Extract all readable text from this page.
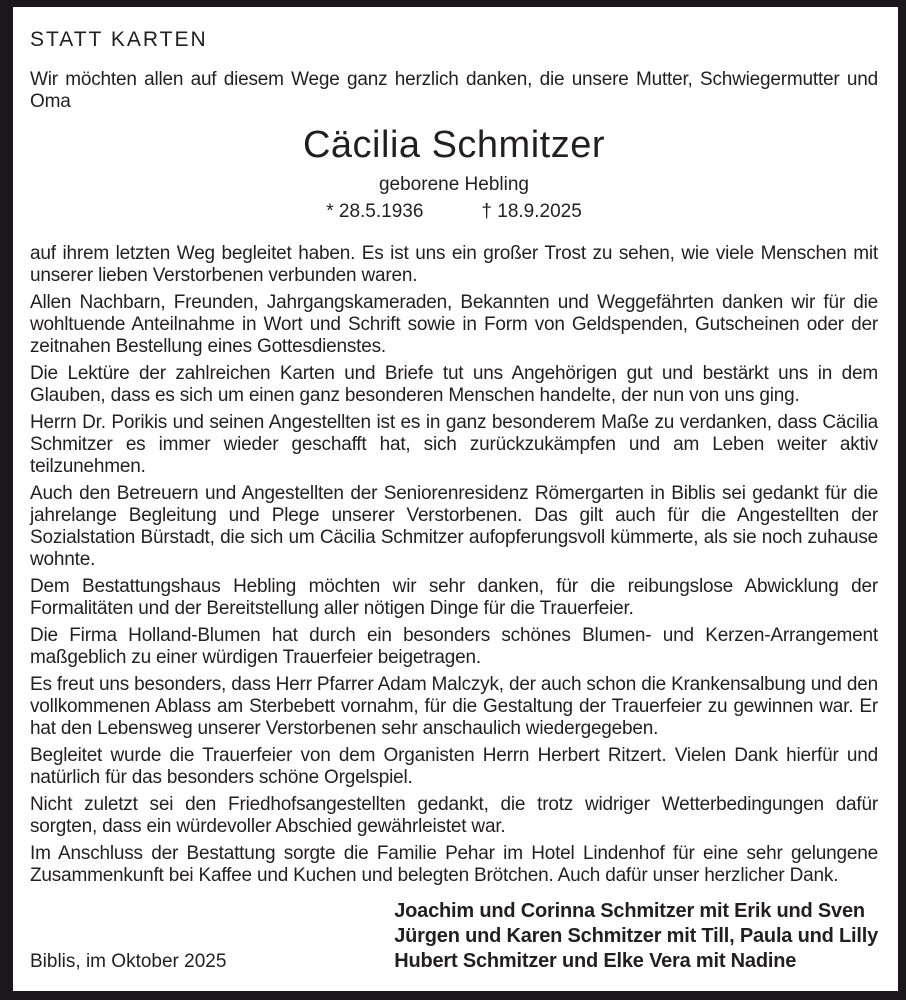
STATT KARTEN
Wir möchten allen auf diesem Wege ganz herzlich danken, die unsere Mutter, Schwiegermutter und Oma
Cäcilia Schmitzer
geborene Hebling
* 28.5.1936	† 18.9.2025

auf ihrem letzten Weg begleitet haben. Es ist uns ein großer Trost zu sehen, wie viele Menschen mit unserer lieben Verstorbenen verbunden waren.

Allen Nachbarn, Freunden, Jahrgangskameraden, Bekannten und Weggefährten danken wir für die wohltuende Anteilnahme in Wort und Schrift sowie in Form von Geldspenden, Gutscheinen oder der zeitnahen Bestellung eines Gottesdienstes.

Die Lektüre der zahlreichen Karten und Briefe tut uns Angehörigen gut und bestärkt uns in dem Glauben, dass es sich um einen ganz besonderen Menschen handelte, der nun von uns ging.

Herrn Dr. Porikis und seinen Angestellten ist es in ganz besonderem Maße zu verdanken, dass Cäcilia Schmitzer es immer wieder geschafft hat, sich zurückzukämpfen und am Leben weiter aktiv teilzunehmen.

Auch den Betreuern und Angestellten der Seniorenresidenz Römergarten in Biblis sei gedankt für die jahrelange Begleitung und Plege unserer Verstorbenen. Das gilt auch für die Angestellten der Sozialstation Bürstadt, die sich um Cäcilia Schmitzer aufopferungsvoll kümmerte, als sie noch zuhause wohnte.

Dem Bestattungshaus Hebling möchten wir sehr danken, für die reibungslose Abwicklung der Formalitäten und der Bereitstellung aller nötigen Dinge für die Trauerfeier.

Die Firma Holland-Blumen hat durch ein besonders schönes Blumen- und Kerzen-Arrangement maßgeblich zu einer würdigen Trauerfeier beigetragen.

Es freut uns besonders, dass Herr Pfarrer Adam Malczyk, der auch schon die Krankensalbung und den vollkommenen Ablass am Sterbebett vornahm, für die Gestaltung der Trauerfeier zu gewinnen war. Er hat den Lebensweg unserer Verstorbenen sehr anschaulich wiedergegeben.

Begleitet wurde die Trauerfeier von dem Organisten Herrn Herbert Ritzert. Vielen Dank hierfür und natürlich für das besonders schöne Orgelspiel.

Nicht zuletzt sei den Friedhofsangestellten gedankt, die trotz widriger Wetterbedingungen dafür sorgten, dass ein würdevoller Abschied gewährleistet war.

Im Anschluss der Bestattung sorgte die Familie Pehar im Hotel Lindenhof für eine sehr gelungene Zusammenkunft bei Kaffee und Kuchen und belegten Brötchen. Auch dafür unser herzlicher Dank.

Biblis, im Oktober 2025
Joachim und Corinna Schmitzer mit Erik und Sven
Jürgen und Karen Schmitzer mit Till, Paula und Lilly
Hubert Schmitzer und Elke Vera mit Nadine
